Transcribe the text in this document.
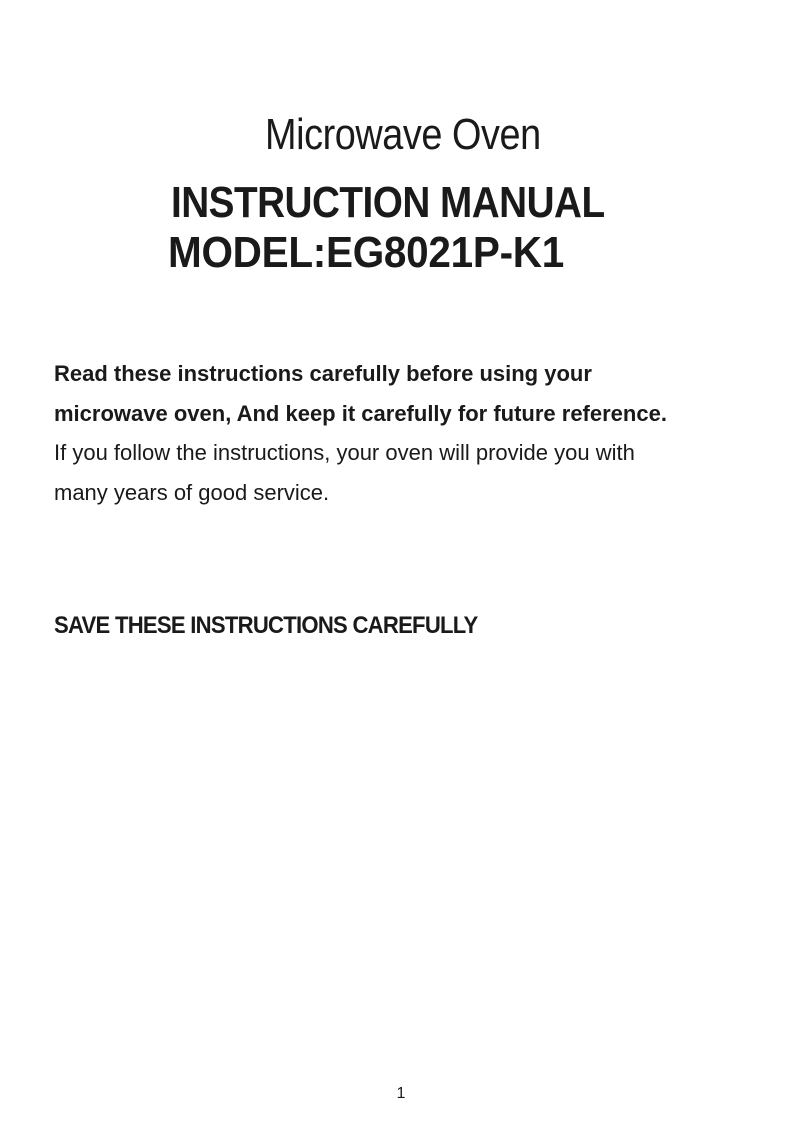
Microwave Oven
INSTRUCTION MANUAL
MODEL:EG8021P-K1

Read these instructions carefully before using your
microwave oven, And keep it carefully for future reference.
If you follow the instructions, your oven will provide you with
many years of good service.

SAVE THESE INSTRUCTIONS CAREFULLY
1
